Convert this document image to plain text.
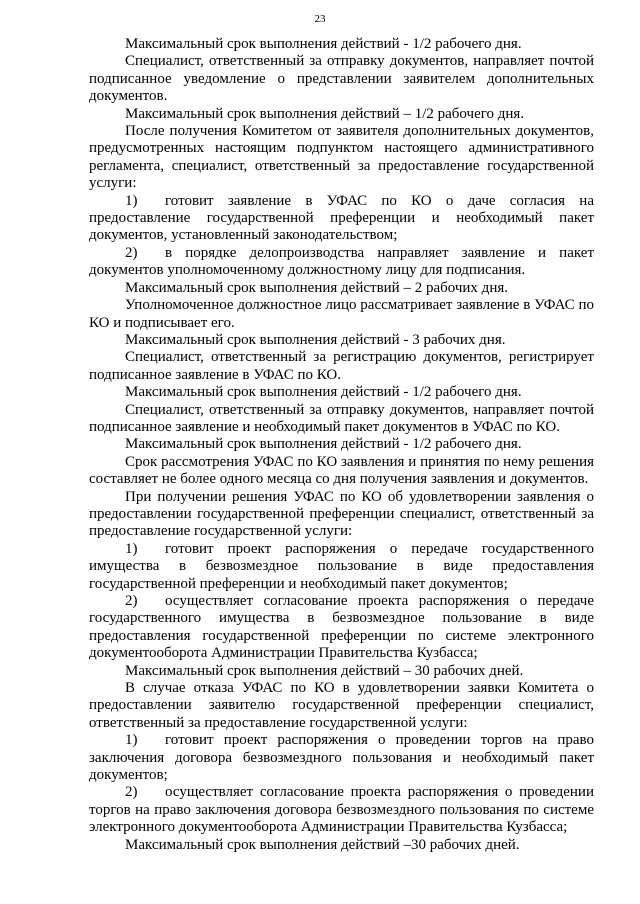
23

Максимальный срок выполнения действий - 1/2 рабочего дня.

Специалист, ответственный за отправку документов, направляет почтой подписанное уведомление о представлении заявителем дополнительных документов.

Максимальный срок выполнения действий – 1/2 рабочего дня.

После получения Комитетом от заявителя дополнительных документов, предусмотренных настоящим подпунктом настоящего административного регламента, специалист, ответственный за предоставление государственной услуги:

1) готовит заявление в УФАС по КО о даче согласия на предоставление государственной преференции и необходимый пакет документов, установленный законодательством;

2) в порядке делопроизводства направляет заявление и пакет документов уполномоченному должностному лицу для подписания.

Максимальный срок выполнения действий – 2 рабочих дня.

Уполномоченное должностное лицо рассматривает заявление в УФАС по КО и подписывает его.

Максимальный срок выполнения действий - 3 рабочих дня.

Специалист, ответственный за регистрацию документов, регистрирует подписанное заявление в УФАС по КО.

Максимальный срок выполнения действий - 1/2 рабочего дня.

Специалист, ответственный за отправку документов, направляет почтой подписанное заявление и необходимый пакет документов в УФАС по КО.

Максимальный срок выполнения действий - 1/2 рабочего дня.

Срок рассмотрения УФАС по КО заявления и принятия по нему решения составляет не более одного месяца со дня получения заявления и документов.

При получении решения УФАС по КО об удовлетворении заявления о предоставлении государственной преференции специалист, ответственный за предоставление государственной услуги:

1) готовит проект распоряжения о передаче государственного имущества в безвозмездное пользование в виде предоставления государственной преференции и необходимый пакет документов;

2) осуществляет согласование проекта распоряжения о передаче государственного имущества в безвозмездное пользование в виде предоставления государственной преференции по системе электронного документооборота Администрации Правительства Кузбасса;

Максимальный срок выполнения действий – 30 рабочих дней.

В случае отказа УФАС по КО в удовлетворении заявки Комитета о предоставлении заявителю государственной преференции специалист, ответственный за предоставление государственной услуги:

1) готовит проект распоряжения о проведении торгов на право заключения договора безвозмездного пользования и необходимый пакет документов;

2) осуществляет согласование проекта распоряжения о проведении торгов на право заключения договора безвозмездного пользования по системе электронного документооборота Администрации Правительства Кузбасса;

Максимальный срок выполнения действий –30 рабочих дней.
